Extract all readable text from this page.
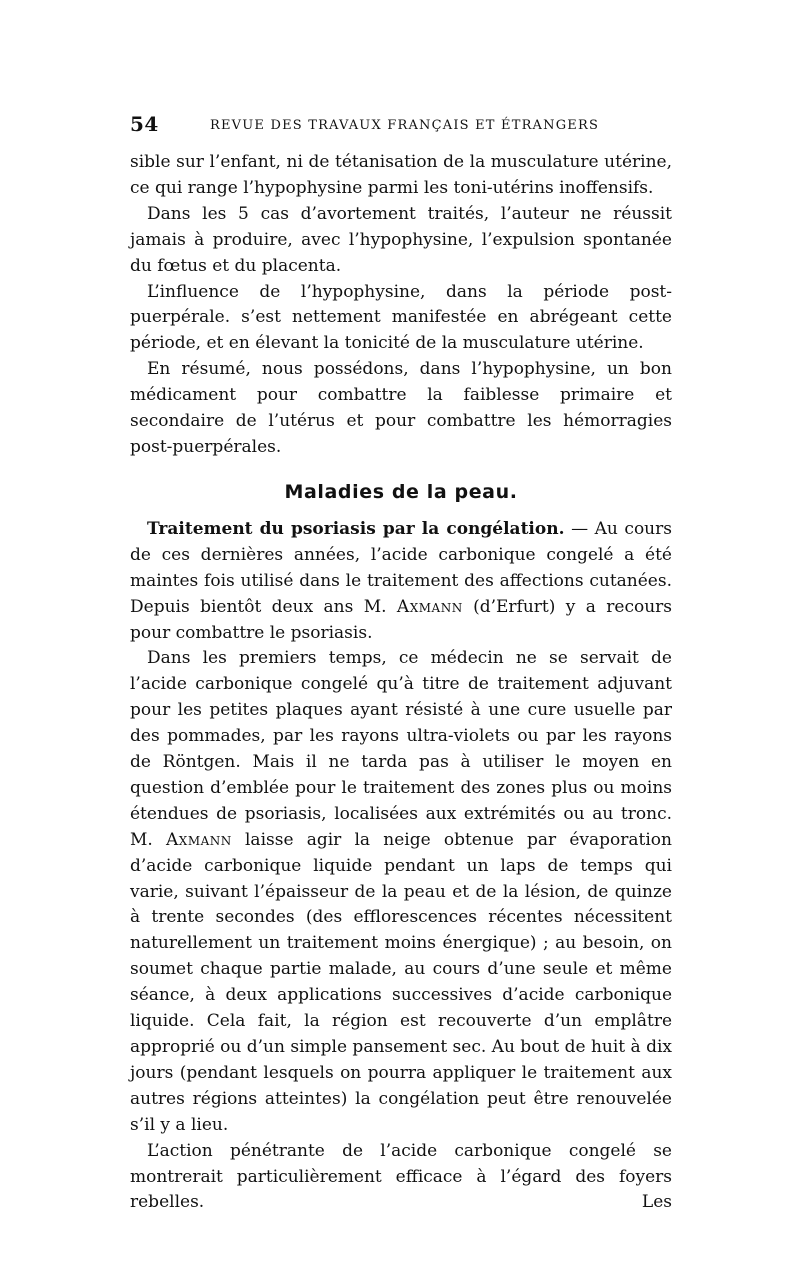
54	REVUE DES TRAVAUX FRANÇAIS ET ÉTRANGERS

sible sur l’enfant, ni de tétanisation de la musculature utérine, ce qui range l’hypophysine parmi les toni-utérins inoffensifs.

Dans les 5 cas d’avortement traités, l’auteur ne réussit jamais à produire, avec l’hypophysine, l’expulsion spontanée du fœtus et du placenta.

L’influence de l’hypophysine, dans la période post-puerpérale. s’est nettement manifestée en abrégeant cette période, et en élevant la tonicité de la musculature utérine.

En résumé, nous possédons, dans l’hypophysine, un bon médicament pour combattre la faiblesse primaire et secondaire de l’utérus et pour combattre les hémorragies post-puerpérales.

Maladies de la peau.

Traitement du psoriasis par la congélation. — Au cours de ces dernières années, l’acide carbonique congelé a été maintes fois utilisé dans le traitement des affections cutanées. Depuis bientôt deux ans M. Axmann (d’Erfurt) y a recours pour combattre le psoriasis.

Dans les premiers temps, ce médecin ne se servait de l’acide carbonique congelé qu’à titre de traitement adjuvant pour les petites plaques ayant résisté à une cure usuelle par des pommades, par les rayons ultra-violets ou par les rayons de Röntgen. Mais il ne tarda pas à utiliser le moyen en question d’emblée pour le traitement des zones plus ou moins étendues de psoriasis, localisées aux extrémités ou au tronc. M. Axmann laisse agir la neige obtenue par évaporation d’acide carbonique liquide pendant un laps de temps qui varie, suivant l’épaisseur de la peau et de la lésion, de quinze à trente secondes (des efflorescences récentes nécessitent naturellement un traitement moins énergique) ; au besoin, on soumet chaque partie malade, au cours d’une seule et même séance, à deux applications successives d’acide carbonique liquide. Cela fait, la région est recouverte d’un emplâtre approprié ou d’un simple pansement sec. Au bout de huit à dix jours (pendant lesquels on pourra appliquer le traitement aux autres régions atteintes) la congélation peut être renouvelée s’il y a lieu.

L’action pénétrante de l’acide carbonique congelé se montrerait particulièrement efficace à l’égard des foyers rebelles. Les
